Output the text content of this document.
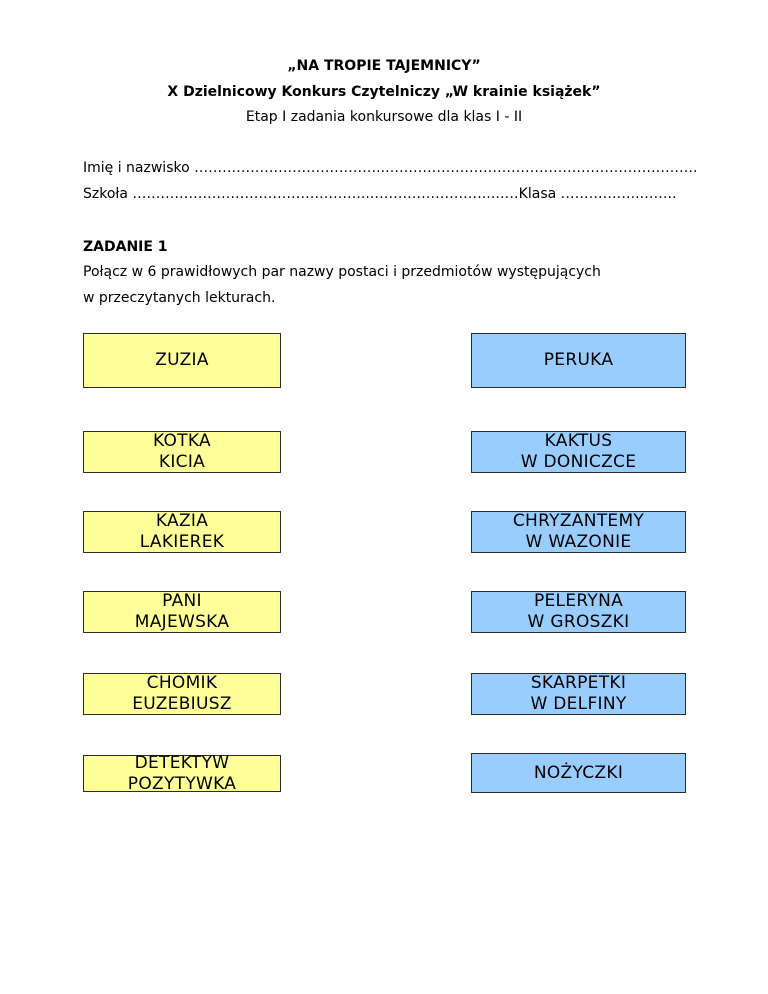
„NA TROPIE TAJEMNICY”
X Dzielnicowy Konkurs Czytelniczy „W krainie książek”
Etap I zadania konkursowe dla klas I - II
Imię i nazwisko …………………………………..………………………………………………………….
Szkoła …………………………………………...……………………..……Klasa ……………..……..
ZADANIE 1
Połącz w 6 prawidłowych par nazwy postaci i przedmiotów występujących
w przeczytanych lekturach.
ZUZIA
KOTKA
KICIA
KAZIA
LAKIEREK
PANI
MAJEWSKA
CHOMIK
EUZEBIUSZ
DETEKTYW
POZYTYWKA
PERUKA
KAKTUS
W DONICZCE
CHRYZANTEMY
W WAZONIE
PELERYNA
W GROSZKI
SKARPETKI
W DELFINY
NOŻYCZKI
